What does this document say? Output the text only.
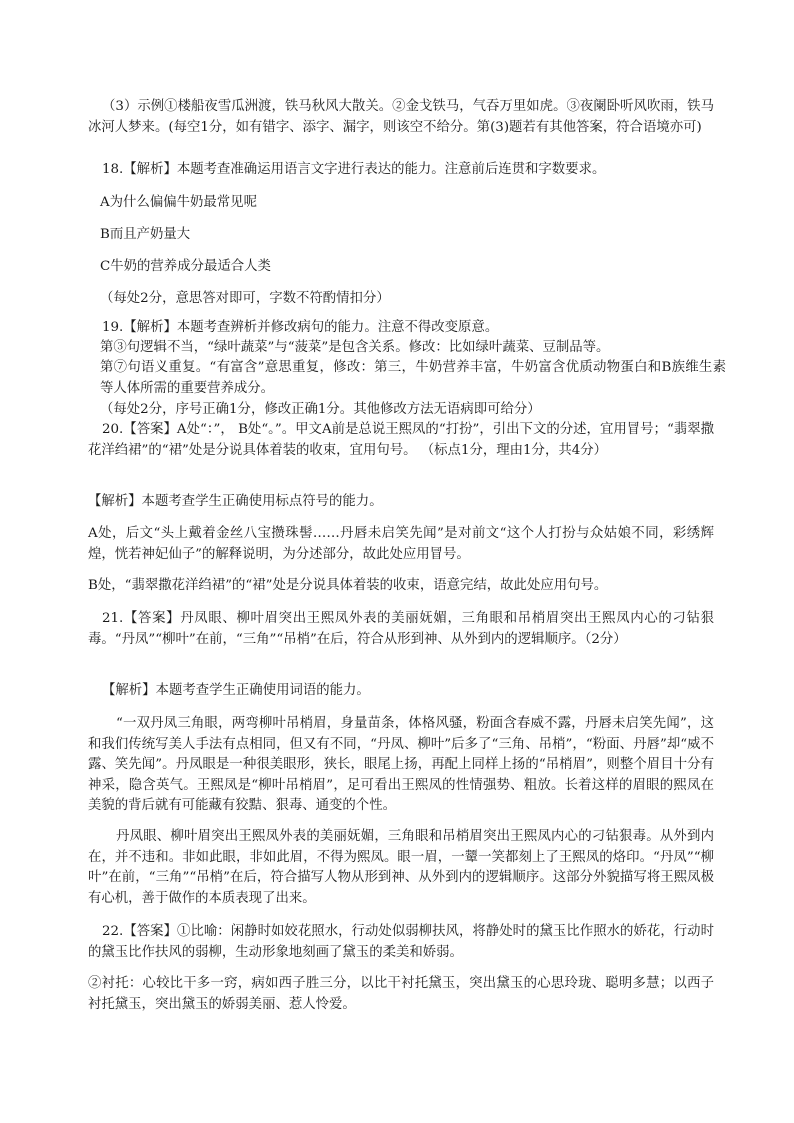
（3）示例①楼船夜雪瓜洲渡，铁马秋风大散关。②金戈铁马，气吞万里如虎。③夜阑卧听风吹雨，铁马冰河人梦来。(每空1分，如有错字、添字、漏字，则该空不给分。第(3)题若有其他答案，符合语境亦可)

18.【解析】本题考查准确运用语言文字进行表达的能力。注意前后连贯和字数要求。

A为什么偏偏牛奶最常见呢

B而且产奶量大

C牛奶的营养成分最适合人类

（每处2分，意思答对即可，字数不符酌情扣分）

19.【解析】本题考查辨析并修改病句的能力。注意不得改变原意。

第③句逻辑不当，“绿叶蔬菜”与“菠菜”是包含关系。修改：比如绿叶蔬菜、豆制品等。

第⑦句语义重复。“有富含”意思重复，修改：第三，牛奶营养丰富，牛奶富含优质动物蛋白和B族维生素等人体所需的重要营养成分。

（每处2分，序号正确1分，修改正确1分。其他修改方法无语病即可给分）

20.【答案】A处“：”， B处“。”。甲文A前是总说王熙凤的“打扮”，引出下文的分述，宜用冒号；“翡翠撒花洋绉裙”的“裙”处是分说具体着装的收束，宜用句号。 （标点1分，理由1分，共4分）

【解析】本题考查学生正确使用标点符号的能力。

A处，后文“头上戴着金丝八宝攒珠髻……丹唇未启笑先闻”是对前文“这个人打扮与众姑娘不同，彩绣辉煌，恍若神妃仙子”的解释说明，为分述部分，故此处应用冒号。

B处，“翡翠撒花洋绉裙”的“裙”处是分说具体着装的收束，语意完结，故此处应用句号。

21.【答案】丹凤眼、柳叶眉突出王熙凤外表的美丽妩媚，三角眼和吊梢眉突出王熙凤内心的刁钻狠毒。“丹凤”“柳叶”在前，“三角”“吊梢”在后，符合从形到神、从外到内的逻辑顺序。（2分）

【解析】本题考查学生正确使用词语的能力。

“一双丹凤三角眼，两弯柳叶吊梢眉，身量苗条，体格风骚，粉面含春威不露，丹唇未启笑先闻”，这和我们传统写美人手法有点相同，但又有不同，“丹凤、柳叶”后多了“三角、吊梢”，“粉面、丹唇”却“威不露、笑先闻”。丹凤眼是一种很美眼形，狭长，眼尾上扬，再配上同样上扬的“吊梢眉”，则整个眉目十分有神采，隐含英气。王熙凤是“柳叶吊梢眉”，足可看出王熙凤的性情强势、粗放。长着这样的眉眼的熙凤在美貌的背后就有可能藏有狡黠、狠毒、通变的个性。

丹凤眼、柳叶眉突出王熙凤外表的美丽妩媚，三角眼和吊梢眉突出王熙凤内心的刁钻狠毒。从外到内在，并不违和。非如此眼，非如此眉，不得为熙凤。眼一眉，一颦一笑都刻上了王熙凤的烙印。“丹凤”“柳叶”在前，“三角”“吊梢”在后，符合描写人物从形到神、从外到内的逻辑顺序。这部分外貌描写将王熙凤极有心机，善于做作的本质表现了出来。

22.【答案】①比喻：闲静时如姣花照水，行动处似弱柳扶风，将静处时的黛玉比作照水的娇花，行动时的黛玉比作扶风的弱柳，生动形象地刻画了黛玉的柔美和娇弱。

②衬托：心较比干多一窍，病如西子胜三分，以比干衬托黛玉，突出黛玉的心思玲珑、聪明多慧；以西子衬托黛玉，突出黛玉的娇弱美丽、惹人怜爱。
